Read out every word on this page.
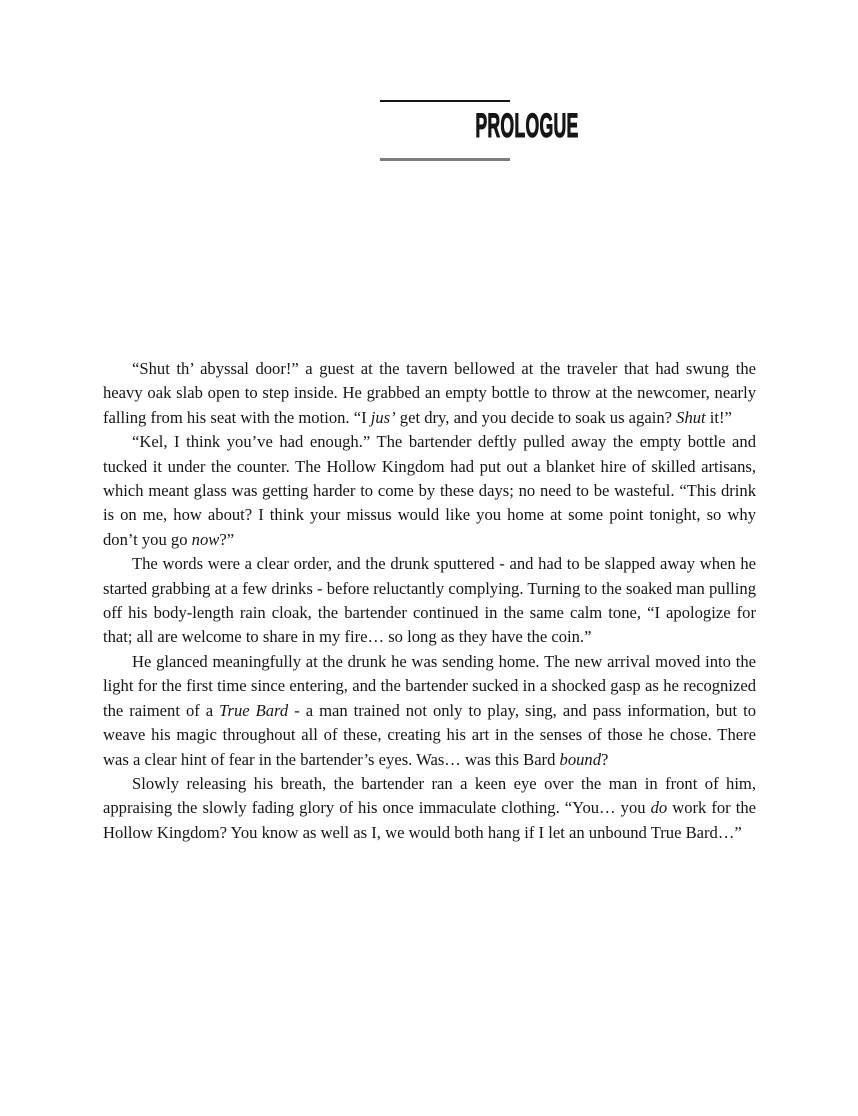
PROLOGUE

“Shut th’ abyssal door!” a guest at the tavern bellowed at the traveler that had swung the heavy oak slab open to step inside. He grabbed an empty bottle to throw at the newcomer, nearly falling from his seat with the motion. “I jus’ get dry, and you decide to soak us again? Shut it!”

“Kel, I think you’ve had enough.” The bartender deftly pulled away the empty bottle and tucked it under the counter. The Hollow Kingdom had put out a blanket hire of skilled artisans, which meant glass was getting harder to come by these days; no need to be wasteful. “This drink is on me, how about? I think your missus would like you home at some point tonight, so why don’t you go now?”

The words were a clear order, and the drunk sputtered - and had to be slapped away when he started grabbing at a few drinks - before reluctantly complying. Turning to the soaked man pulling off his body-length rain cloak, the bartender continued in the same calm tone, “I apologize for that; all are welcome to share in my fire… so long as they have the coin.”

He glanced meaningfully at the drunk he was sending home. The new arrival moved into the light for the first time since entering, and the bartender sucked in a shocked gasp as he recognized the raiment of a True Bard - a man trained not only to play, sing, and pass information, but to weave his magic throughout all of these, creating his art in the senses of those he chose. There was a clear hint of fear in the bartender’s eyes. Was… was this Bard bound?

Slowly releasing his breath, the bartender ran a keen eye over the man in front of him, appraising the slowly fading glory of his once immaculate clothing. “You… you do work for the Hollow Kingdom? You know as well as I, we would both hang if I let an unbound True Bard…”
